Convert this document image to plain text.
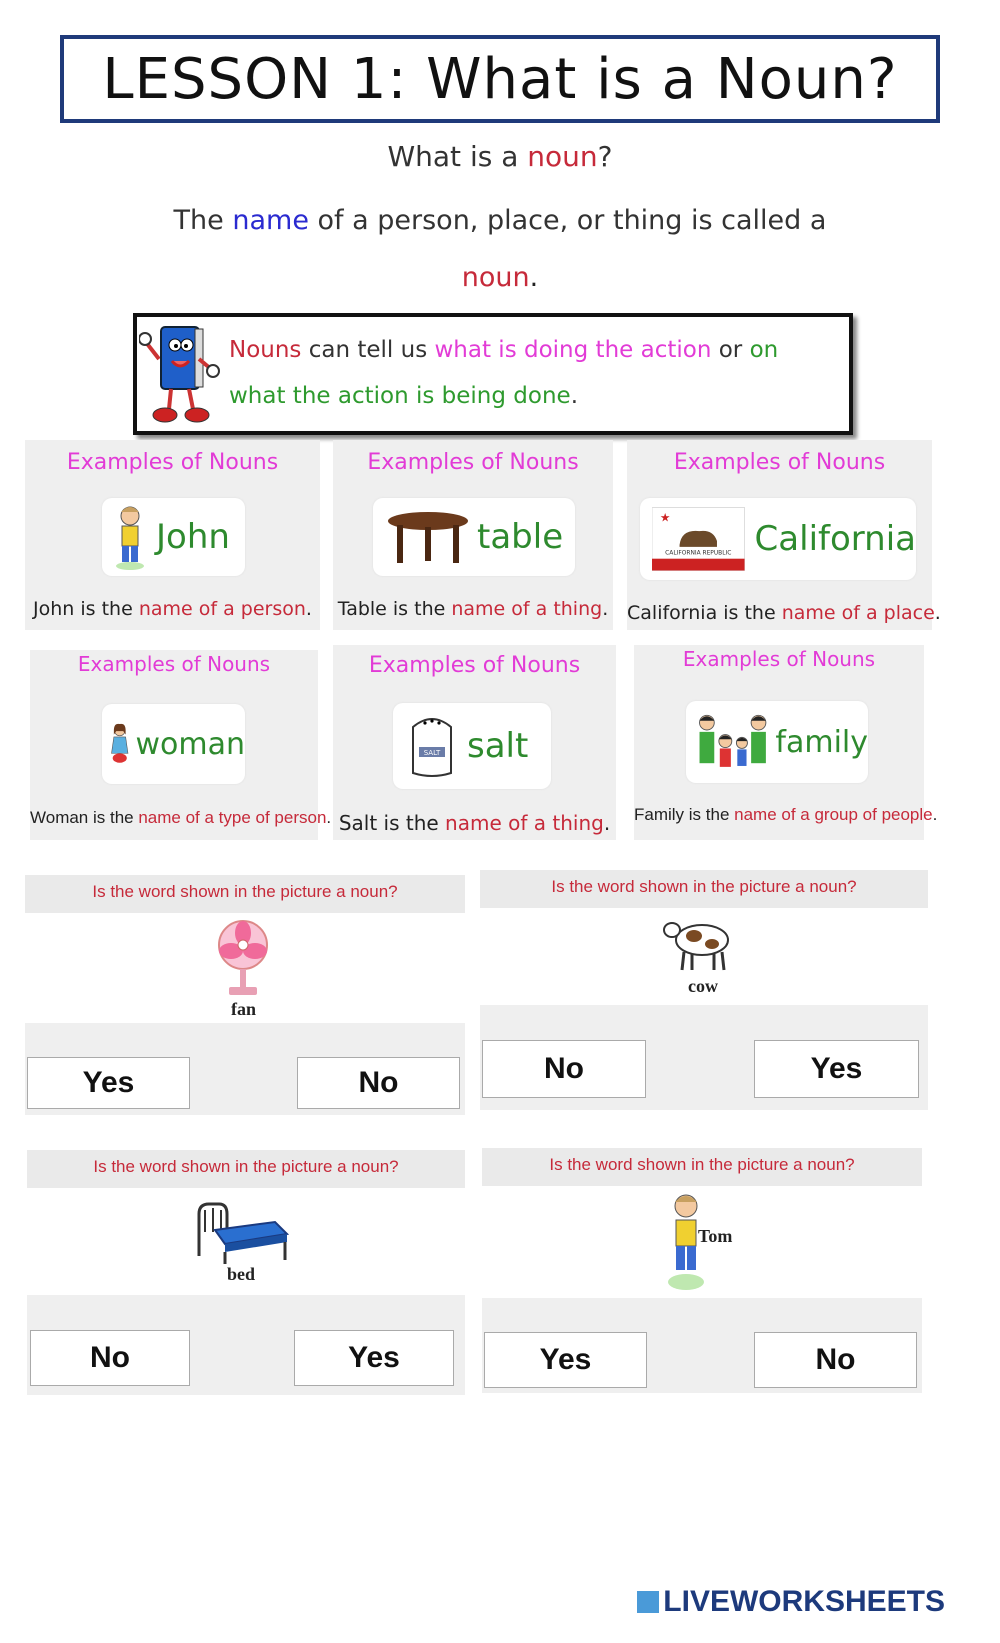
LESSON 1: What is a Noun?
What is a noun?
The name of a person, place, or thing is called a
noun.
Nouns can tell us what is doing the action or on what the action is being done.
Examples of Nouns
John
John is the name of a person.
Examples of Nouns
table
Table is the name of a thing.
Examples of Nouns
★
CALIFORNIA REPUBLIC California
California is the name of a place.
Examples of Nouns
woman
Woman is the name of a type of person.
Examples of Nouns
SALT salt
Salt is the name of a thing.
Examples of Nouns
family
Family is the name of a group of people.
Is the word shown in the picture a noun?
fan
Yes	No
Is the word shown in the picture a noun?
cow
No	Yes
Is the word shown in the picture a noun?
bed
No	Yes
Is the word shown in the picture a noun?
Tom
Yes	No
LIVEWORKSHEETS
